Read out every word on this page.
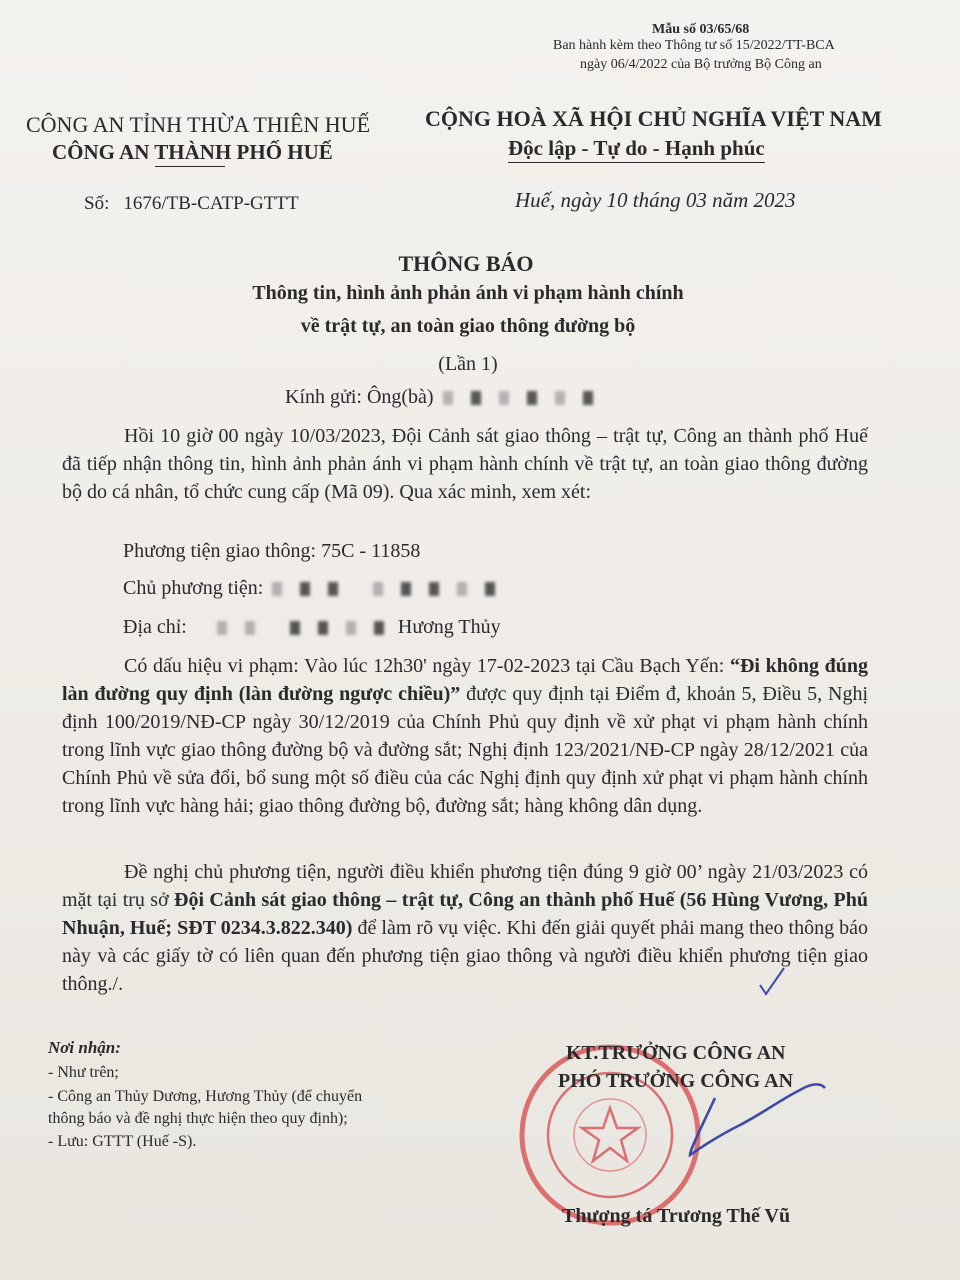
Mẫu số 03/65/68
Ban hành kèm theo Thông tư số 15/2022/TT-BCA
ngày 06/4/2022 của Bộ trưởng Bộ Công an
CÔNG AN TỈNH THỪA THIÊN HUẾ
CÔNG AN THÀNH PHỐ HUẾ
CỘNG HOÀ XÃ HỘI CHỦ NGHĨA VIỆT NAM
Độc lập - Tự do - Hạnh phúc
Số: 1676/TB-CATP-GTTT	Huế, ngày 10 tháng 03 năm 2023
THÔNG BÁO
Thông tin, hình ảnh phản ánh vi phạm hành chính
về trật tự, an toàn giao thông đường bộ
(Lần 1)
Kính gửi: Ông(bà)
Hồi 10 giờ 00 ngày 10/03/2023, Đội Cảnh sát giao thông – trật tự, Công an thành phố Huế đã tiếp nhận thông tin, hình ảnh phản ánh vi phạm hành chính về trật tự, an toàn giao thông đường bộ do cá nhân, tổ chức cung cấp (Mã 09). Qua xác minh, xem xét:
Phương tiện giao thông: 75C - 11858
Chủ phương tiện:
Địa chỉ:	Hương Thủy
Có dấu hiệu vi phạm: Vào lúc 12h30' ngày 17-02-2023 tại Cầu Bạch Yến: “Đi không đúng làn đường quy định (làn đường ngược chiều)” được quy định tại Điểm đ, khoản 5, Điều 5, Nghị định 100/2019/NĐ-CP ngày 30/12/2019 của Chính Phủ quy định về xử phạt vi phạm hành chính trong lĩnh vực giao thông đường bộ và đường sắt; Nghị định 123/2021/NĐ-CP ngày 28/12/2021 của Chính Phủ về sửa đổi, bổ sung một số điều của các Nghị định quy định xử phạt vi phạm hành chính trong lĩnh vực hàng hải; giao thông đường bộ, đường sắt; hàng không dân dụng.
Đề nghị chủ phương tiện, người điều khiển phương tiện đúng 9 giờ 00’ ngày 21/03/2023 có mặt tại trụ sở Đội Cảnh sát giao thông – trật tự, Công an thành phố Huế (56 Hùng Vương, Phú Nhuận, Huế; SĐT 0234.3.822.340) để làm rõ vụ việc. Khi đến giải quyết phải mang theo thông báo này và các giấy tờ có liên quan đến phương tiện giao thông và người điều khiển phương tiện giao thông./.
Nơi nhận:
- Như trên;
- Công an Thủy Dương, Hương Thủy (để chuyển
thông báo và đề nghị thực hiện theo quy định);
- Lưu: GTTT (Huế -S).
KT.TRƯỞNG CÔNG AN
PHÓ TRƯỞNG CÔNG AN
Thượng tá Trương Thế Vũ
